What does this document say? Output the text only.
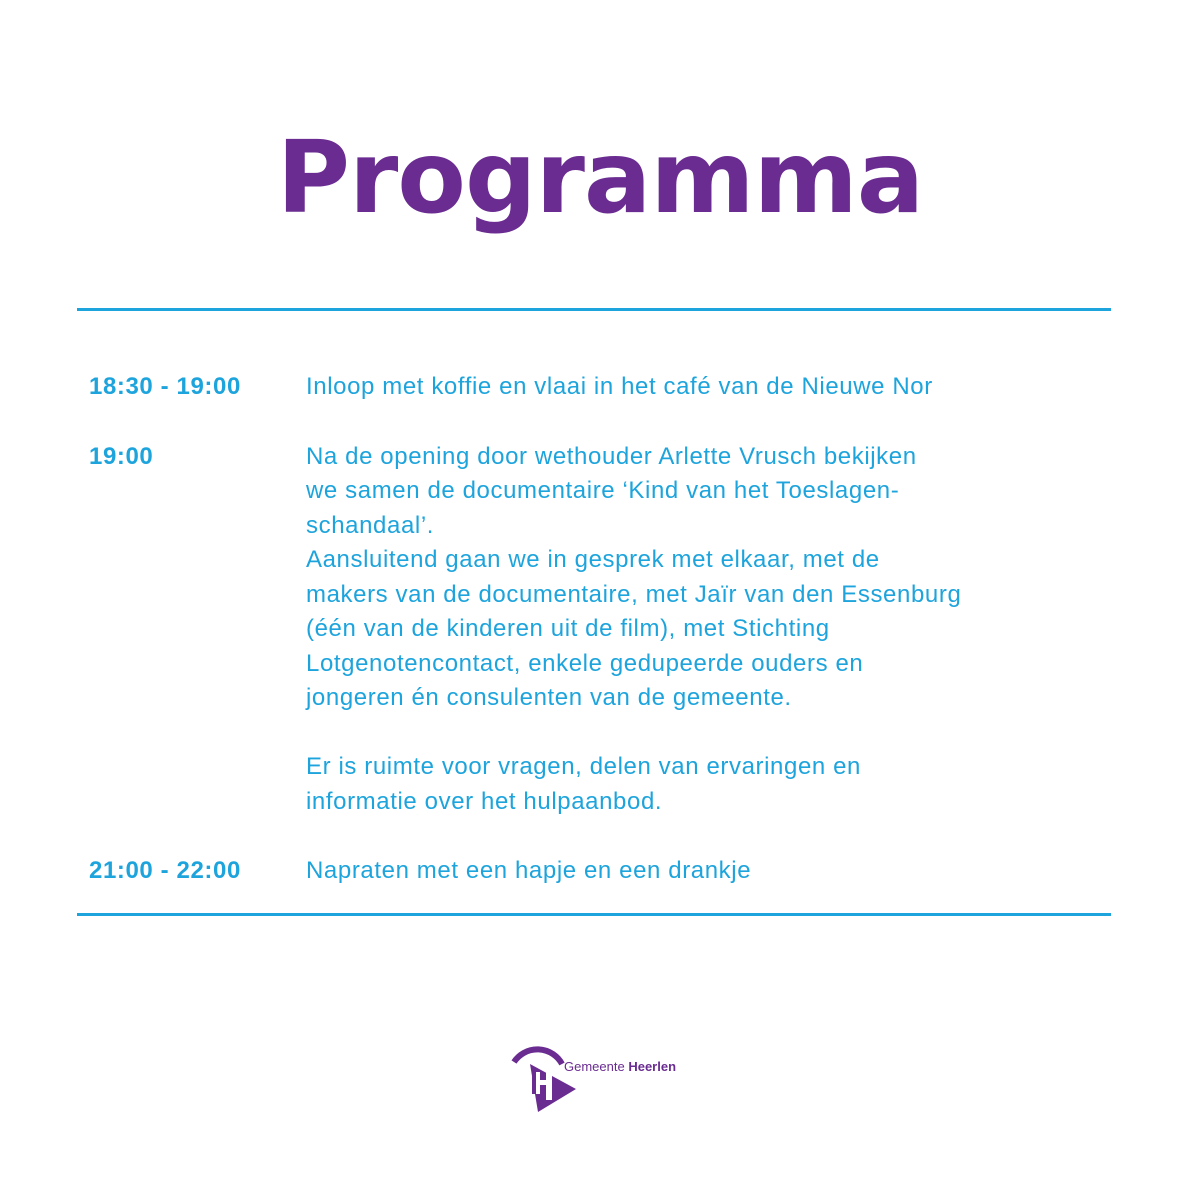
Programma
18:30 - 19:00	Inloop met koffie en vlaai in het café van de Nieuwe Nor

19:00	Na de opening door wethouder Arlette Vrusch bekijken
we samen de documentaire ‘Kind van het Toeslagen-
schandaal’.
Aansluitend gaan we in gesprek met elkaar, met de
makers van de documentaire, met Jaïr van den Essenburg
(één van de kinderen uit de film), met Stichting
Lotgenotencontact, enkele gedupeerde ouders en
jongeren én consulenten van de gemeente.

Er is ruimte voor vragen, delen van ervaringen en
informatie over het hulpaanbod.

21:00 - 22:00	Napraten met een hapje en een drankje

Gemeente Heerlen
